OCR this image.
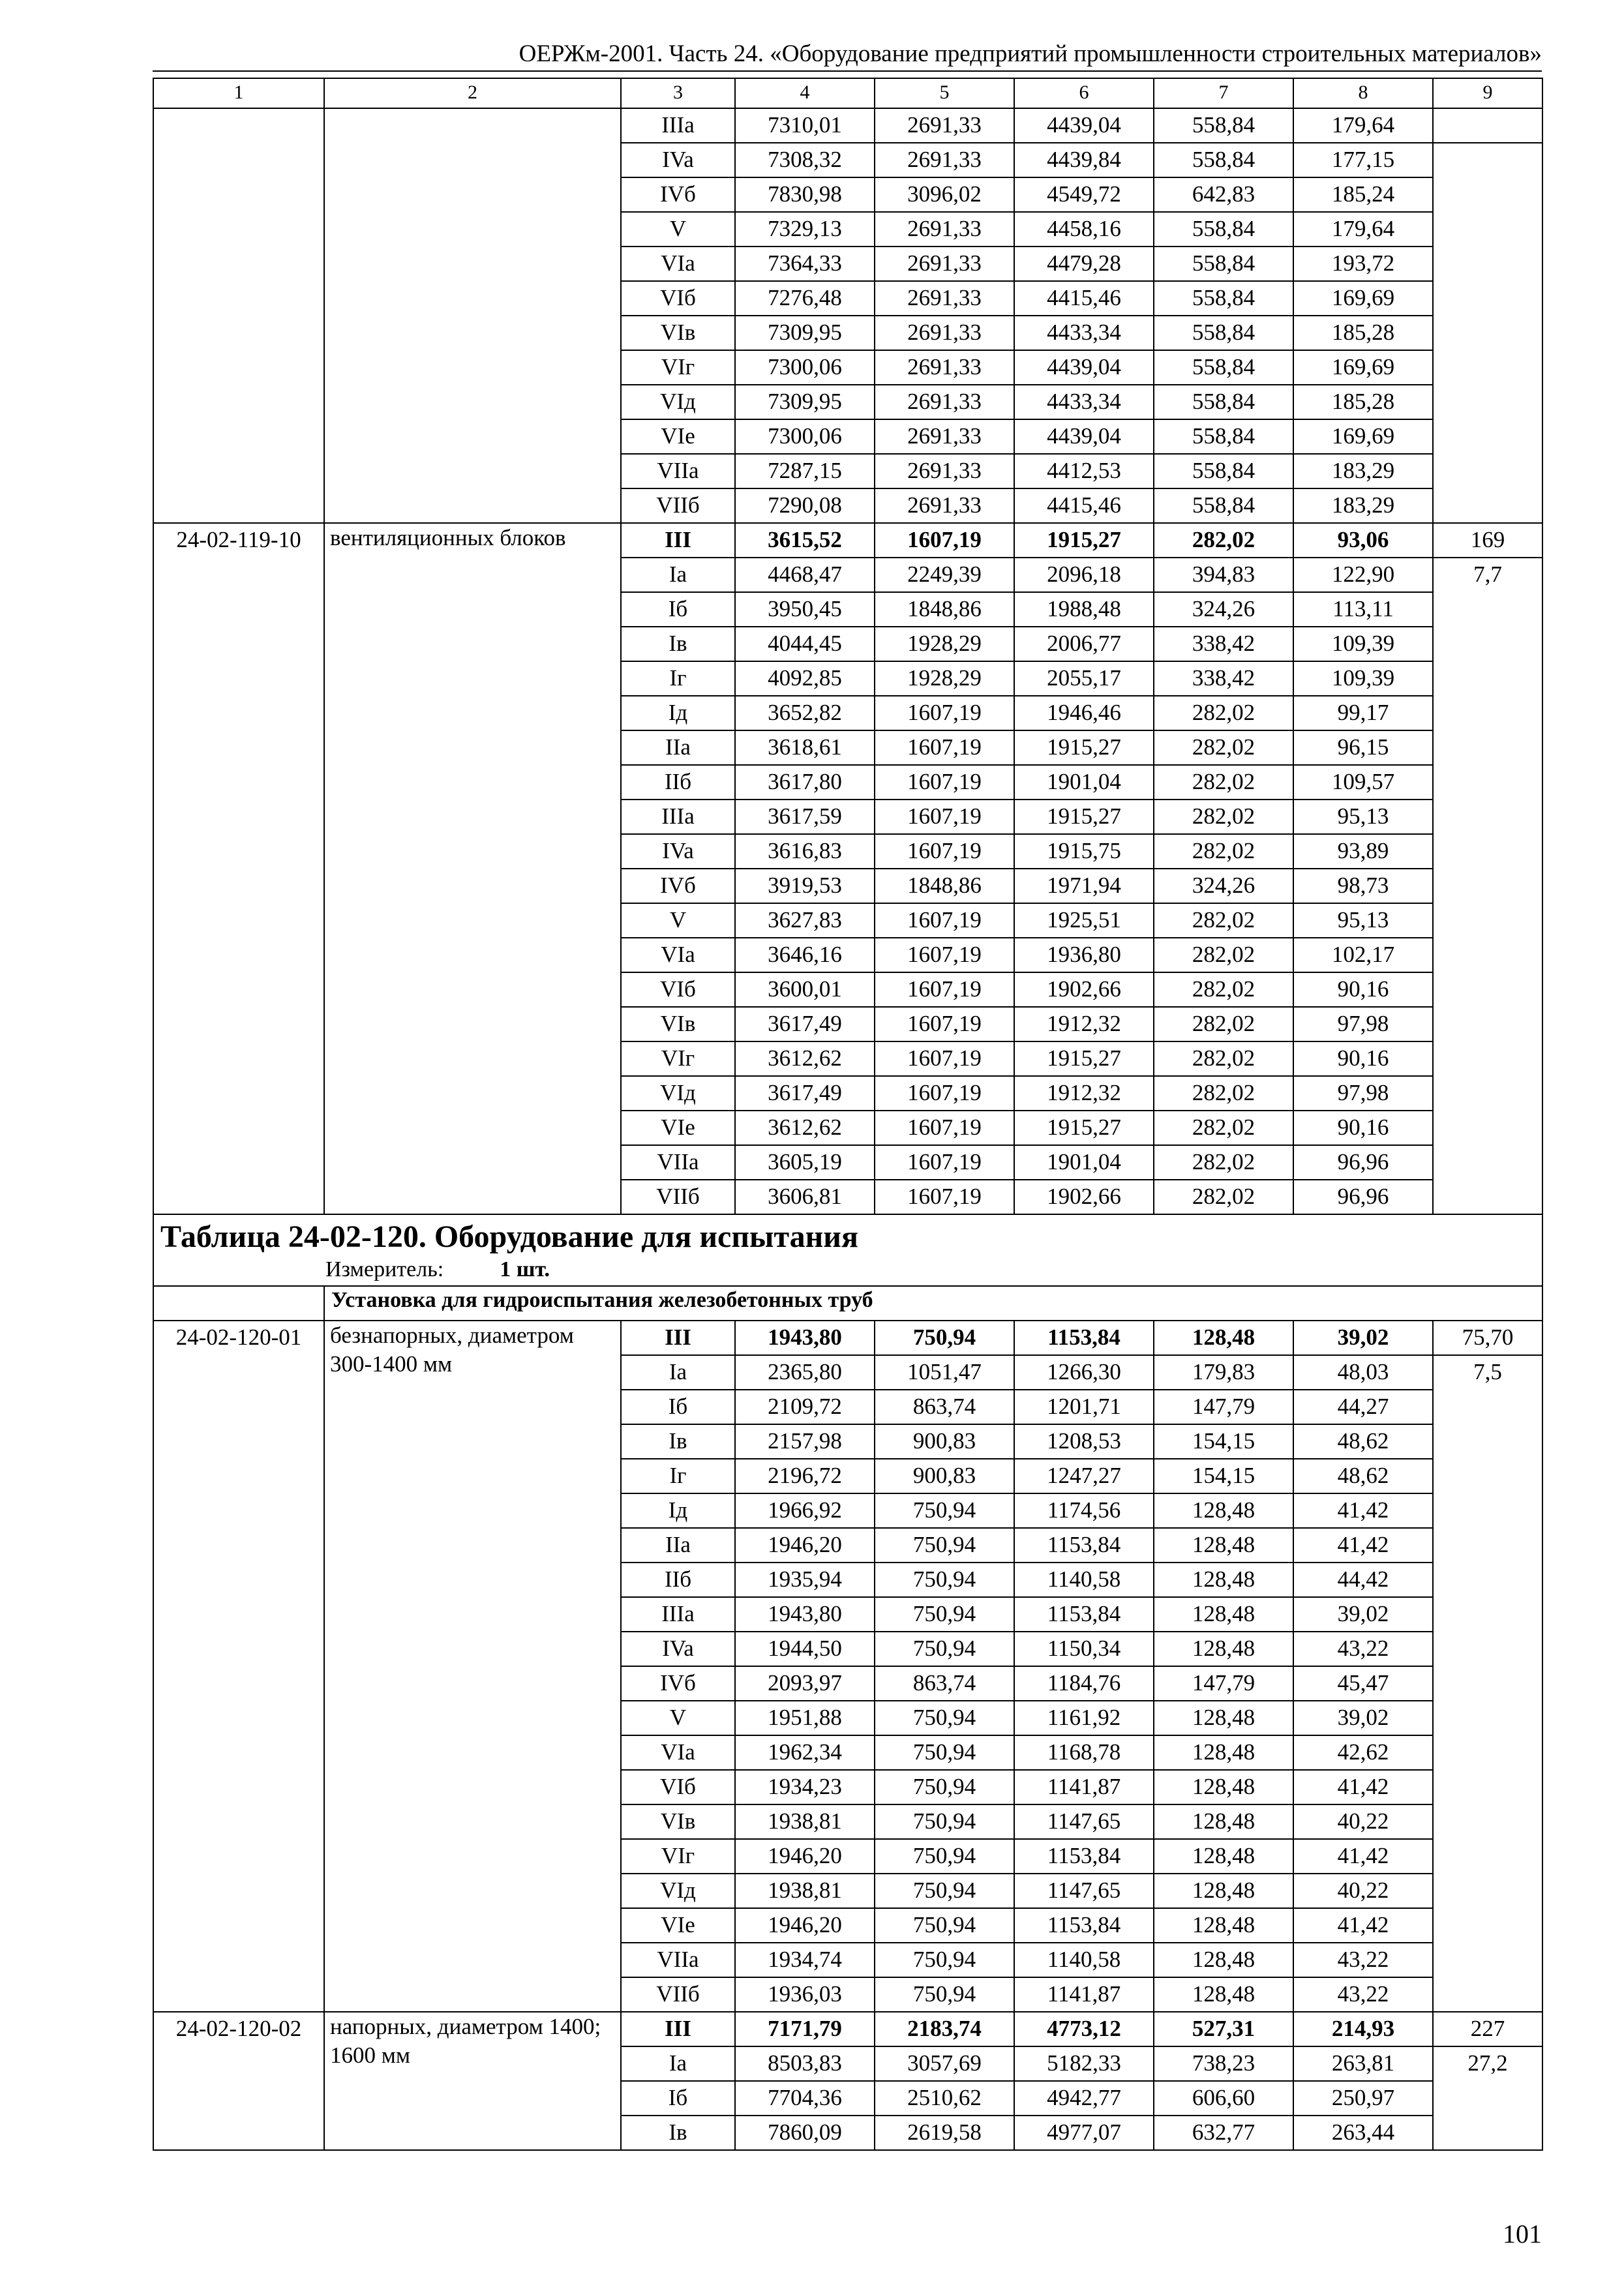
ОЕРЖм-2001. Часть 24. «Оборудование предприятий промышленности строительных материалов»
1	2	3	4	5	6	7	8	9
		IIIa	7310,01	2691,33	4439,04	558,84	179,64	
		IVa	7308,32	2691,33	4439,84	558,84	177,15	
		IVб	7830,98	3096,02	4549,72	642,83	185,24	
		V	7329,13	2691,33	4458,16	558,84	179,64	
		VIa	7364,33	2691,33	4479,28	558,84	193,72	
		VIб	7276,48	2691,33	4415,46	558,84	169,69	
		VIв	7309,95	2691,33	4433,34	558,84	185,28	
		VIг	7300,06	2691,33	4439,04	558,84	169,69	
		VIд	7309,95	2691,33	4433,34	558,84	185,28	
		VIe	7300,06	2691,33	4439,04	558,84	169,69	
		VIIa	7287,15	2691,33	4412,53	558,84	183,29	
		VIIб	7290,08	2691,33	4415,46	558,84	183,29	
24-02-119-10	вентиляционных блоков	III	3615,52	1607,19	1915,27	282,02	93,06	169
		Ia	4468,47	2249,39	2096,18	394,83	122,90	7,7
		Iб	3950,45	1848,86	1988,48	324,26	113,11	
		Iв	4044,45	1928,29	2006,77	338,42	109,39	
		Iг	4092,85	1928,29	2055,17	338,42	109,39	
		Iд	3652,82	1607,19	1946,46	282,02	99,17	
		IIa	3618,61	1607,19	1915,27	282,02	96,15	
		IIб	3617,80	1607,19	1901,04	282,02	109,57	
		IIIa	3617,59	1607,19	1915,27	282,02	95,13	
		IVa	3616,83	1607,19	1915,75	282,02	93,89	
		IVб	3919,53	1848,86	1971,94	324,26	98,73	
		V	3627,83	1607,19	1925,51	282,02	95,13	
		VIa	3646,16	1607,19	1936,80	282,02	102,17	
		VIб	3600,01	1607,19	1902,66	282,02	90,16	
		VIв	3617,49	1607,19	1912,32	282,02	97,98	
		VIг	3612,62	1607,19	1915,27	282,02	90,16	
		VIд	3617,49	1607,19	1912,32	282,02	97,98	
		VIe	3612,62	1607,19	1915,27	282,02	90,16	
		VIIa	3605,19	1607,19	1901,04	282,02	96,96	
		VIIб	3606,81	1607,19	1902,66	282,02	96,96	

Таблица 24-02-120. Оборудование для испытания
Измеритель: 1 шт.								

	Установка для гидроиспытания железобетонных труб							
24-02-120-01	безнапорных, диаметром 300-1400 мм	III	1943,80	750,94	1153,84	128,48	39,02	75,70
		Ia	2365,80	1051,47	1266,30	179,83	48,03	7,5
		Iб	2109,72	863,74	1201,71	147,79	44,27	
		Iв	2157,98	900,83	1208,53	154,15	48,62	
		Iг	2196,72	900,83	1247,27	154,15	48,62	
		Iд	1966,92	750,94	1174,56	128,48	41,42	
		IIa	1946,20	750,94	1153,84	128,48	41,42	
		IIб	1935,94	750,94	1140,58	128,48	44,42	
		IIIa	1943,80	750,94	1153,84	128,48	39,02	
		IVa	1944,50	750,94	1150,34	128,48	43,22	
		IVб	2093,97	863,74	1184,76	147,79	45,47	
		V	1951,88	750,94	1161,92	128,48	39,02	
		VIa	1962,34	750,94	1168,78	128,48	42,62	
		VIб	1934,23	750,94	1141,87	128,48	41,42	
		VIв	1938,81	750,94	1147,65	128,48	40,22	
		VIг	1946,20	750,94	1153,84	128,48	41,42	
		VIд	1938,81	750,94	1147,65	128,48	40,22	
		VIe	1946,20	750,94	1153,84	128,48	41,42	
		VIIa	1934,74	750,94	1140,58	128,48	43,22	
		VIIб	1936,03	750,94	1141,87	128,48	43,22	
24-02-120-02	напорных, диаметром 1400; 1600 мм	III	7171,79	2183,74	4773,12	527,31	214,93	227
		Ia	8503,83	3057,69	5182,33	738,23	263,81	27,2
		Iб	7704,36	2510,62	4942,77	606,60	250,97	
		Iв	7860,09	2619,58	4977,07	632,77	263,44	
101
